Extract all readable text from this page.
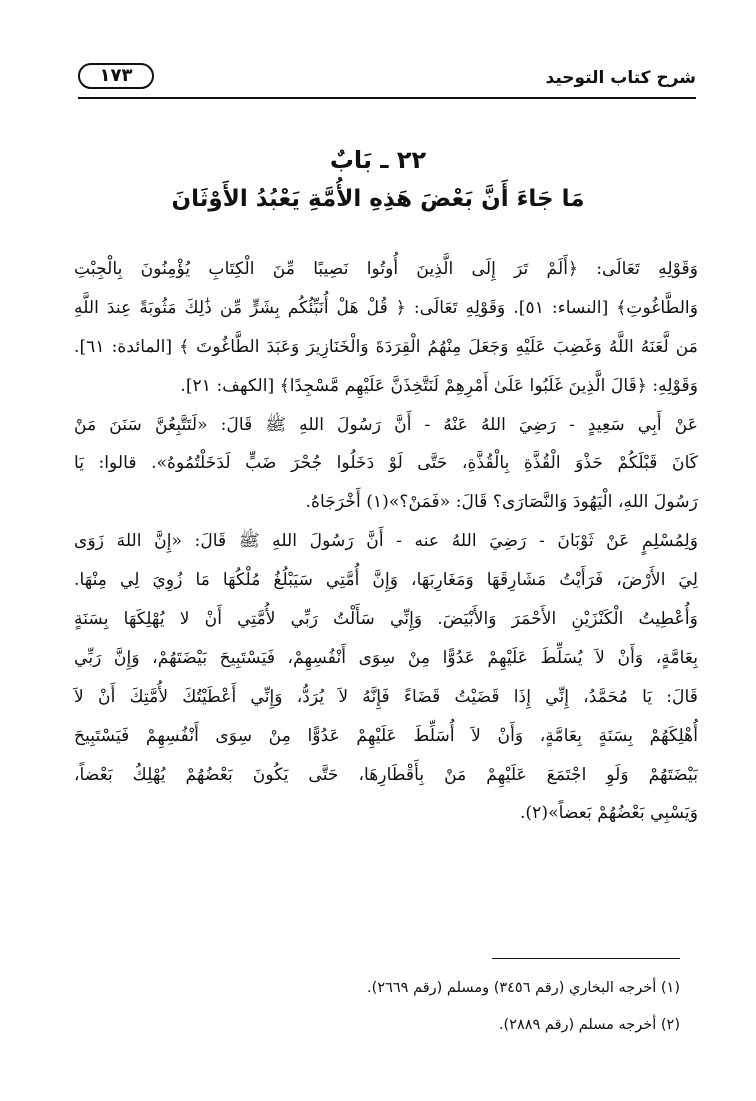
شرح كتاب التوحيد
١٧٣
٢٢ ـ بَابٌ
مَا جَاءَ أَنَّ بَعْضَ هَذِهِ الأُمَّةِ يَعْبُدُ الأَوْثَانَ
وَقَوْلِهِ تَعَالَى: ﴿أَلَمْ تَرَ إِلَى الَّذِينَ أُوتُوا نَصِيبًا مِّنَ الْكِتَابِ يُؤْمِنُونَ بِالْجِبْتِ
وَالطَّاغُوتِ﴾ [النساء: ٥١]. وَقَوْلِهِ تَعَالَى: ﴿ قُلْ هَلْ أُنَبِّئُكُم بِشَرٍّ مِّن ذَٰلِكَ مَثُوبَةً عِندَ اللَّهِ
مَن لَّعَنَهُ اللَّهُ وَغَضِبَ عَلَيْهِ وَجَعَلَ مِنْهُمُ الْقِرَدَةَ وَالْخَنَازِيرَ وَعَبَدَ الطَّاغُوتَ ﴾ [المائدة: ٦١].
وَقَوْلِهِ: ﴿قَالَ الَّذِينَ غَلَبُوا عَلَىٰ أَمْرِهِمْ لَنَتَّخِذَنَّ عَلَيْهِم مَّسْجِدًا﴾ [الكهف: ٢١].
عَنْ أَبِي سَعِيدٍ - رَضِيَ اللهُ عَنْهُ - أَنَّ رَسُولَ اللهِ ﷺ قَالَ: «لَتَتَّبِعُنَّ سَنَنَ مَنْ
كَانَ قَبْلَكُمْ حَذْوَ الْقُذَّةِ بِالْقُذَّةِ، حَتَّى لَوْ دَخَلُوا جُحْرَ ضَبٍّ لَدَخَلْتُمُوهُ». قالوا: يَا
رَسُولَ اللهِ، الْيَهُودَ وَالنَّصَارَى؟ قَالَ: «فَمَنْ؟»(١) أَخْرَجَاهُ.
وَلِمُسْلِمٍ عَنْ ثَوْبَانَ - رَضِيَ اللهُ عنه - أَنَّ رَسُولَ اللهِ ﷺ قَالَ: «إِنَّ اللهَ زَوَى
لِيَ الأَرْضَ، فَرَأَيْتُ مَشَارِقَهَا وَمَغَارِبَهَا، وَإِنَّ أُمَّتِي سَيَبْلُغُ مُلْكُهَا مَا زُوِيَ لِي مِنْهَا.
وَأُعْطِيتُ الْكَنْزَيْنِ الأَحْمَرَ وَالأَبْيَضَ. وَإِنِّي سَأَلْتُ رَبِّي لأُمَّتِي أَنْ لا يُهْلِكَهَا بِسَنَةٍ
بِعَامَّةٍ، وَأَنْ لاَ يُسَلِّطَ عَلَيْهِمْ عَدُوًّا مِنْ سِوَى أَنْفُسِهِمْ، فَيَسْتَبِيحَ بَيْضَتَهُمْ، وَإِنَّ رَبِّي
قَالَ: يَا مُحَمَّدُ، إِنِّي إِذَا قَضَيْتُ قَضَاءً فَإِنَّهُ لاَ يُرَدُّ، وَإِنِّي أَعْطَيْتُكَ لأُمَّتِكَ أَنْ لاَ
أُهْلِكَهُمْ بِسَنَةٍ بِعَامَّةٍ، وَأَنْ لاَ أُسَلِّطَ عَلَيْهِمْ عَدُوًّا مِنْ سِوَى أَنْفُسِهِمْ فَيَسْتَبِيحَ
بَيْضَتَهُمْ وَلَوِ اجْتَمَعَ عَلَيْهِمْ مَنْ بِأَقْطَارِهَا، حَتَّى يَكُونَ بَعْضُهُمْ يُهْلِكُ بَعْضاً،
وَيَسْبِي بَعْضُهُمْ بَعضاً»(٢).
(١) أخرجه البخاري (رقم ٣٤٥٦) ومسلم (رقم ٢٦٦٩).
(٢) أخرجه مسلم (رقم ٢٨٨٩).
